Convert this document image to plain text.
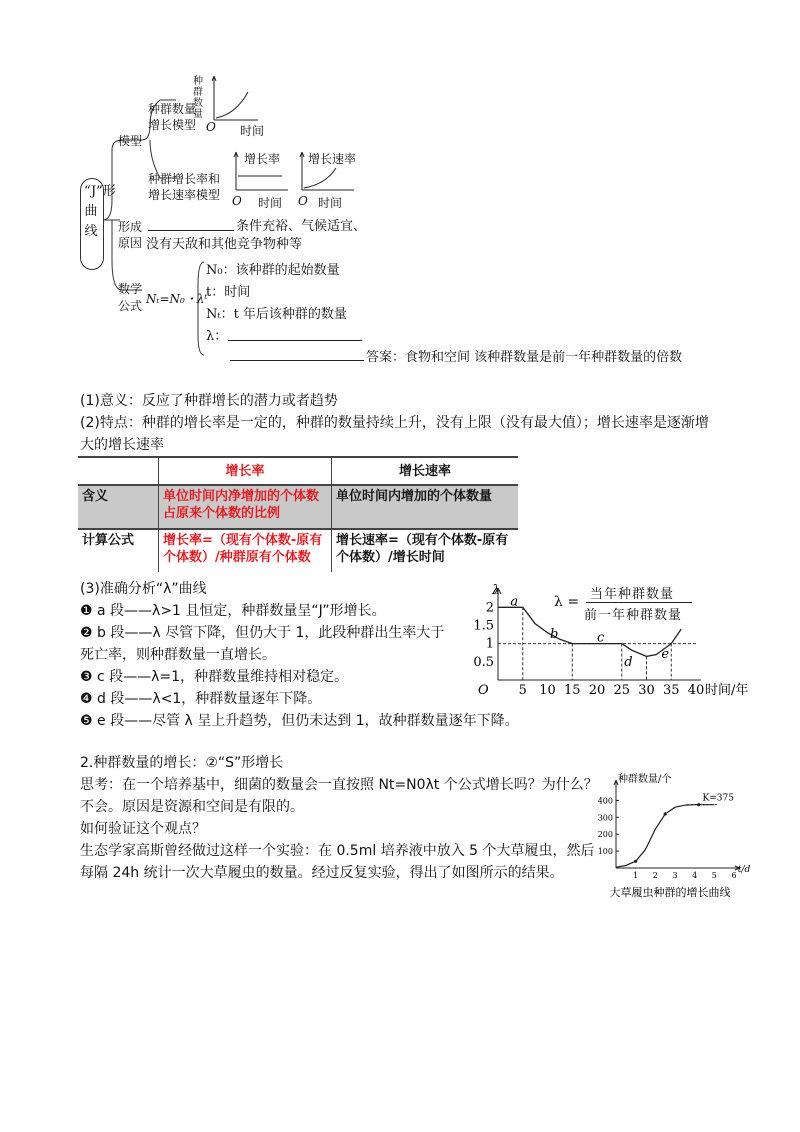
“J”形曲线
模型
种群数量
增长模型
种群增长率和
增长速率模型
种群数量
O 时间
增长率
O 时间
增长速率
O 时间
形成
原因
条件充裕、气候适宜、
没有天敌和其他竞争物种等
数学
公式 Nₜ=N₀・λᵗ
N₀：该种群的起始数量
t：时间
Nₜ：t 年后该种群的数量
λ：
答案：食物和空间 该种群数量是前一年种群数量的倍数
(1)意义：反应了种群增长的潜力或者趋势
(2)特点：种群的增长率是一定的，种群的数量持续上升，没有上限（没有最大值）；增长速率是逐渐增
大的增长速率
	增长率	增长速率
含义	单位时间内净增加的个体数占原来个体数的比例	单位时间内增加的个体数量
计算公式	增长率=（现有个体数-原有个体数）/种群原有个体数	增长速率=（现有个体数-原有个体数）/增长时间
(3)准确分析“λ”曲线
❶ a 段——λ>1 且恒定，种群数量呈“J”形增长。
❷ b 段——λ 尽管下降，但仍大于 1，此段种群出生率大于
死亡率，则种群数量一直增长。
❸ c 段——λ=1，种群数量维持相对稳定。
❹ d 段——λ<1，种群数量逐年下降。
❺ e 段——尽管 λ 呈上升趋势，但仍未达到 1，故种群数量逐年下降。
λ
O 5 10 15 20 25 30 35 40 时间/年
0.5
1
1.5
2 a
b	c
d
e
λ = 当年种群数量
前一年种群数量
2.种群数量的增长：②“S”形增长
思考：在一个培养基中，细菌的数量会一直按照 Nt=N0λt 个公式增长吗？为什么？
不会。原因是资源和空间是有限的。
如何验证这个观点？
生态学家高斯曾经做过这样一个实验：在 0.5ml 培养液中放入 5 个大草履虫，然后
每隔 24h 统计一次大草履虫的数量。经过反复实验，得出了如图所示的结果。
种群数量/个
100
200
300
400
1 2 3 4 5 6
t/d
K=375
大草履虫种群的增长曲线
